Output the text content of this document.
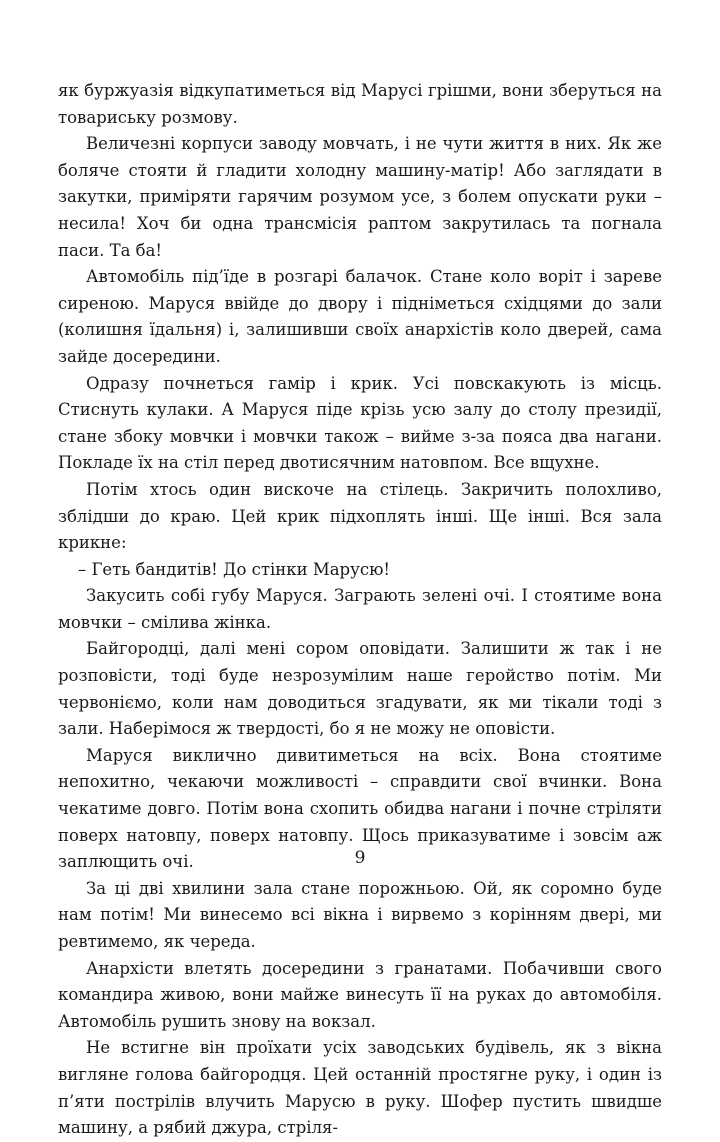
як буржуазія відкупатиметься від Марусі грішми, вони зберуться на товариську розмову.

Величезні корпуси заводу мовчать, і не чути життя в них. Як же боляче стояти й гладити холодну машину-матір! Або заглядати в закутки, приміряти гарячим розумом усе, з болем опускати руки – несила! Хоч би одна трансмісія раптом закрутилась та погнала паси. Та ба!

Автомобіль під’їде в розгарі балачок. Стане коло воріт і зареве сиреною. Маруся ввійде до двору і підніметься східцями до зали (колишня їдальня) і, залишивши своїх анархістів коло дверей, сама зайде досередини.

Одразу почнеться гамір і крик. Усі повскакують із місць. Стиснуть кулаки. А Маруся піде крізь усю залу до столу президії, стане збоку мовчки і мовчки також – вийме з-за пояса два нагани. Покладе їх на стіл перед двотисячним натовпом. Все вщухне.

Потім хтось один вискоче на стілець. Закричить полохливо, зблідши до краю. Цей крик підхоплять інші. Ще інші. Вся зала крикне:

– Геть бандитів! До стінки Марусю!

Закусить собі губу Маруся. Заграють зелені очі. І стоятиме вона мовчки – смілива жінка.

Байгородці, далі мені сором оповідати. Залишити ж так і не розповісти, тоді буде незрозумілим наше геройство потім. Ми червоніємо, коли нам доводиться згадувати, як ми тікали тоді з зали. Наберімося ж твердості, бо я не можу не оповісти.

Маруся виклично дивитиметься на всіх. Вона стоятиме непохитно, чекаючи можливості – справдити свої вчинки. Вона чекатиме довго. Потім вона схопить обидва нагани і почне стріляти поверх натовпу, поверх натовпу. Щось приказуватиме і зовсім аж заплющить очі.

За ці дві хвилини зала стане порожньою. Ой, як соромно буде нам потім! Ми винесемо всі вікна і вирвемо з корінням двері, ми ревтимемо, як череда.

Анархісти влетять досередини з гранатами. Побачивши свого командира живою, вони майже винесуть її на руках до автомобіля. Автомобіль рушить знову на вокзал.

Не встигне він проїхати усіх заводських будівель, як з вікна вигляне голова байгородця. Цей останній простягне руку, і один із п’яти пострілів влучить Марусю в руку. Шофер пустить швидше машину, а рябий джура, стріля-

9
